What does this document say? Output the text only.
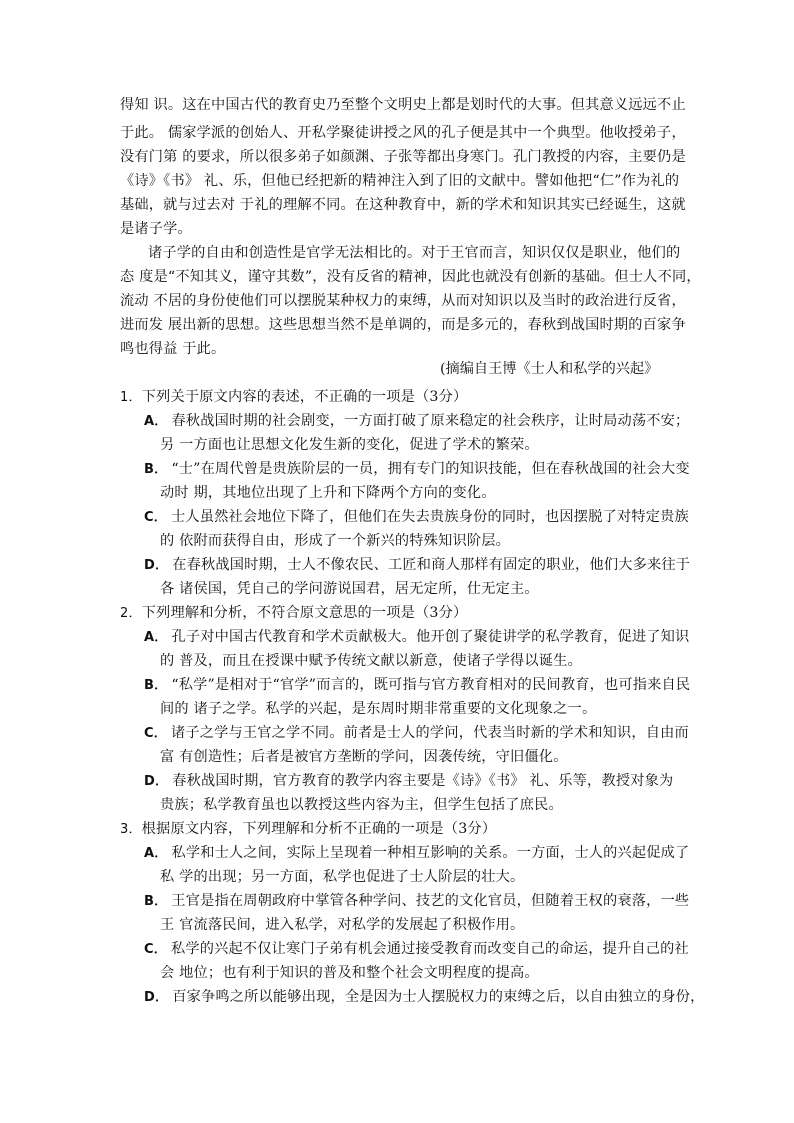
得知 识。这在中国古代的教育史乃至整个文明史上都是划时代的大事。但其意义远远不止
于此。 儒家学派的创始人、开私学聚徒讲授之风的孔子便是其中一个典型。他收授弟子，
没有门第 的要求，所以很多弟子如颜渊、子张等都出身寒门。孔门教授的内容，主要仍是
《诗》《书》 礼、乐，但他已经把新的精神注入到了旧的文献中。譬如他把“仁”作为礼的
基础，就与过去对 于礼的理解不同。在这种教育中，新的学术和知识其实已经诞生，这就
是诸子学。
诸子学的自由和创造性是官学无法相比的。对于王官而言，知识仅仅是职业，他们的
态 度是“不知其义，谨守其数”，没有反省的精神，因此也就没有创新的基础。但士人不同，
流动 不居的身份使他们可以摆脱某种权力的束缚，从而对知识以及当时的政治进行反省，
进而发 展出新的思想。这些思想当然不是单调的，而是多元的，春秋到战国时期的百家争
鸣也得益 于此。
(摘编自王博《士人和私学的兴起》
1．下列关于原文内容的表述，不正确的一项是（3分）
A． 春秋战国时期的社会剧变，一方面打破了原来稳定的社会秩序，让时局动荡不安；
另 一方面也让思想文化发生新的变化，促进了学术的繁荣。
B． “士”在周代曾是贵族阶层的一员，拥有专门的知识技能，但在春秋战国的社会大变
动时 期，其地位出现了上升和下降两个方向的变化。
C． 士人虽然社会地位下降了，但他们在失去贵族身份的同时，也因摆脱了对特定贵族
的 依附而获得自由，形成了一个新兴的特殊知识阶层。
D． 在春秋战国时期，士人不像农民、工匠和商人那样有固定的职业，他们大多来往于
各 诸侯国，凭自己的学问游说国君，居无定所，仕无定主。
2．下列理解和分析，不符合原文意思的一项是（3分）
A． 孔子对中国古代教育和学术贡献极大。他开创了聚徒讲学的私学教育，促进了知识
的 普及，而且在授课中赋予传统文献以新意，使诸子学得以诞生。
B． “私学”是相对于“官学”而言的，既可指与官方教育相对的民间教育，也可指来自民
间的 诸子之学。私学的兴起，是东周时期非常重要的文化现象之一。
C． 诸子之学与王官之学不同。前者是士人的学问，代表当时新的学术和知识，自由而
富 有创造性；后者是被官方垄断的学问，因袭传统，守旧僵化。
D． 春秋战国时期，官方教育的教学内容主要是《诗》《书》 礼、乐等，教授对象为
贵族；私学教育虽也以教授这些内容为主，但学生包括了庶民。
3．根据原文内容，下列理解和分析不正确的一项是（3分）
A． 私学和士人之间，实际上呈现着一种相互影响的关系。一方面，士人的兴起促成了
私 学的出现；另一方面，私学也促进了士人阶层的壮大。
B． 王官是指在周朝政府中掌管各种学问、技艺的文化官员，但随着王权的衰落，一些
王 官流落民间，进入私学，对私学的发展起了积极作用。
C． 私学的兴起不仅让寒门子弟有机会通过接受教育而改变自己的命运，提升自己的社
会 地位；也有利于知识的普及和整个社会文明程度的提高。
D． 百家争鸣之所以能够出现，全是因为士人摆脱权力的束缚之后，以自由独立的身份，
